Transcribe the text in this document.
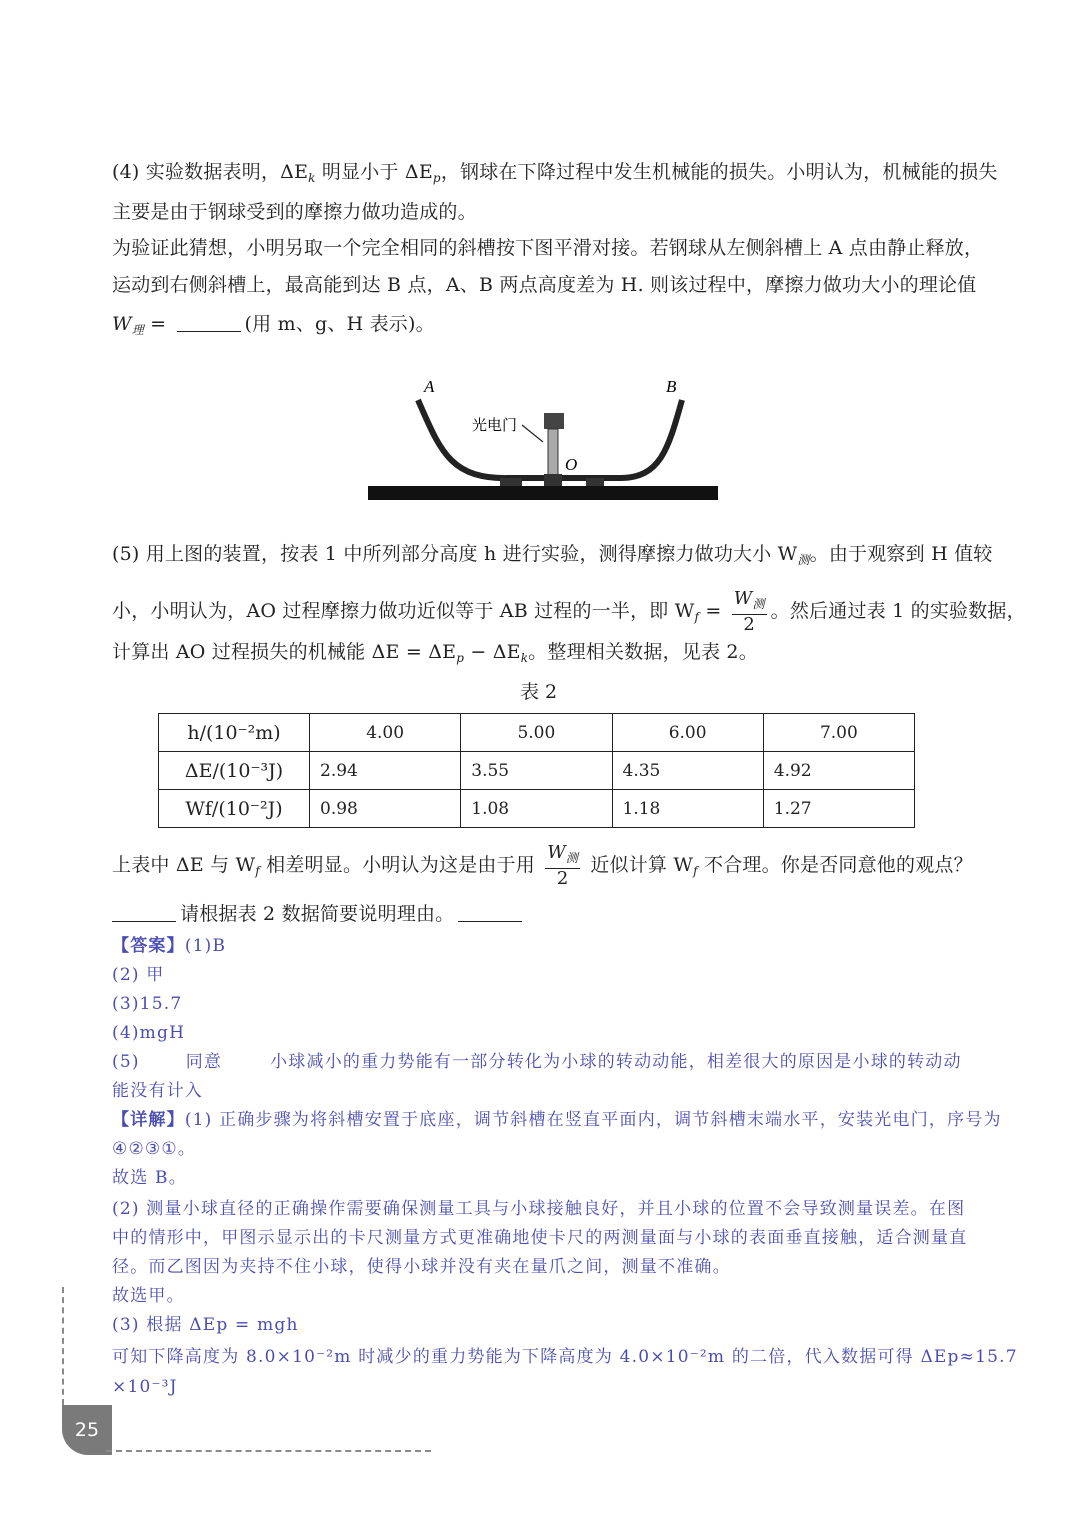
(4) 实验数据表明，$\Delta E_k$ 明显小于 $\Delta E_p$，钢球在下降过程中发生机械能的损失。小明认为，机械能的损失
主要是由于钢球受到的摩擦力做功造成的。
为验证此猜想，小明另取一个完全相同的斜槽按下图平滑对接。若钢球从左侧斜槽上 A 点由静止释放，
运动到右侧斜槽上，最高能到达 B 点，A、B 两点高度差为 H. 则该过程中，摩擦力做功大小的理论值
$W_理$ =	(用 m、g、H 表示)。
A	B
O
光电门
(5) 用上图的装置，按表 1 中所列部分高度 h 进行实验，测得摩擦力做功大小 $W_测$。由于观察到 H 值较
小，小明认为，AO 过程摩擦力做功近似等于 AB 过程的一半，即 $W_f = \frac{W_测}{2}$ 。然后通过表 1 的实验数据，
计算出 AO 过程损失的机械能 $\Delta E = \Delta E_p - \Delta E_k$。整理相关数据，见表 2。
表 2
h/(10⁻²m)	4.00	5.00	6.00	7.00
ΔE/(10⁻³J)	2.94	3.55	4.35	4.92
Wf/(10⁻²J)	0.98	1.08	1.18	1.27
上表中 ΔE 与 $W_f$ 相差明显。小明认为这是由于用 $\frac{W_测}{2}$ 近似计算 $W_f$ 不合理。你是否同意他的观点？
请根据表 2 数据简要说明理由。
【答案】(1)B
(2) 甲
(3)15.7
(4)mgH
(5)	同意	小球减小的重力势能有一部分转化为小球的转动动能，相差很大的原因是小球的转动动
能没有计入
【详解】(1) 正确步骤为将斜槽安置于底座，调节斜槽在竖直平面内，调节斜槽末端水平，安装光电门，序号为
④②③①。
故选 B。
(2) 测量小球直径的正确操作需要确保测量工具与小球接触良好，并且小球的位置不会导致测量误差。在图
中的情形中，甲图示显示出的卡尺测量方式更准确地使卡尺的两测量面与小球的表面垂直接触，适合测量直
径。而乙图因为夹持不住小球，使得小球并没有夹在量爪之间，测量不准确。
故选甲。
(3) 根据 ΔEp = mgh
可知下降高度为 8.0×10⁻²m 时减少的重力势能为下降高度为 4.0×10⁻²m 的二倍，代入数据可得 ΔEp≈15.7
×10⁻³J
25
